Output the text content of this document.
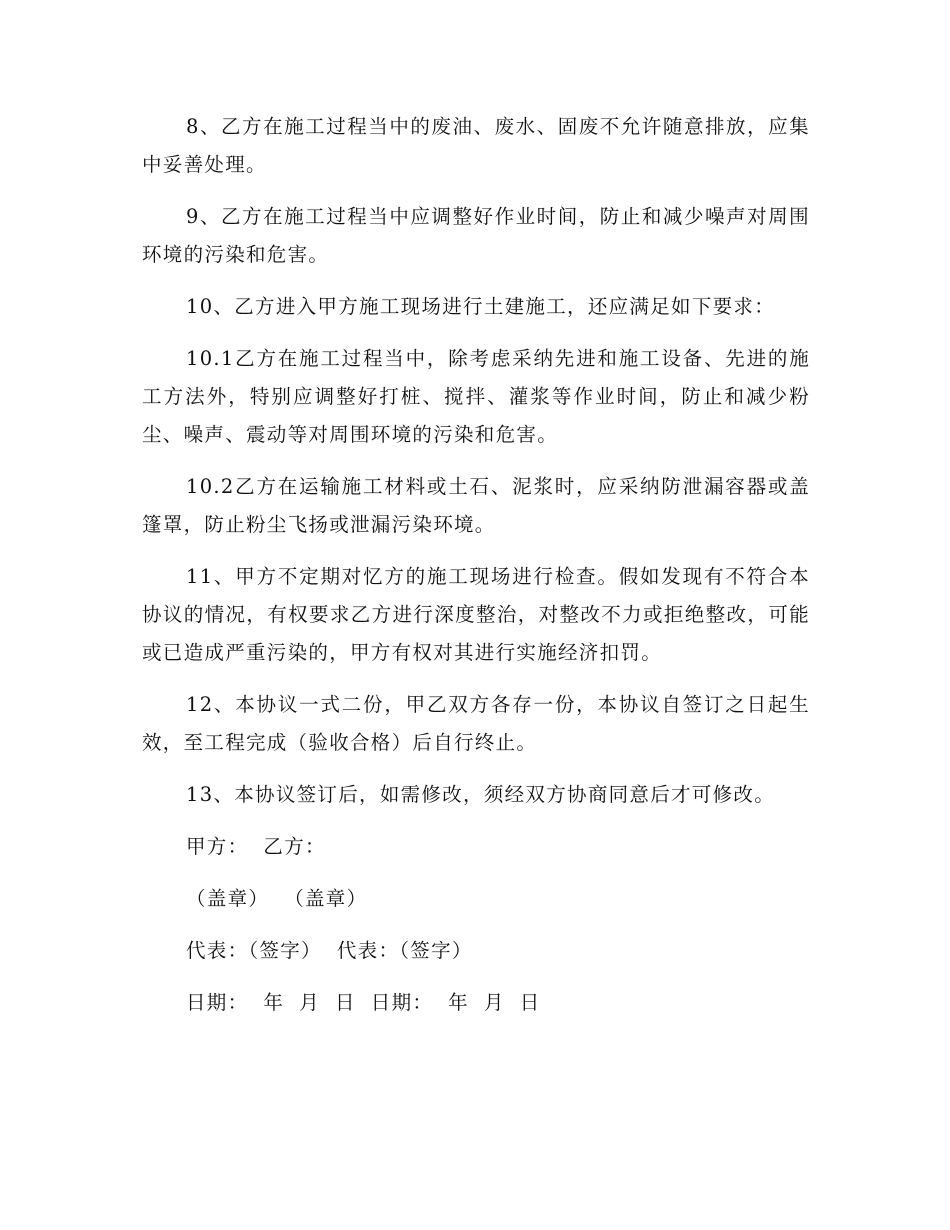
8、乙方在施工过程当中的废油、废水、固废不允许随意排放，应集中妥善处理。

9、乙方在施工过程当中应调整好作业时间，防止和减少噪声对周围环境的污染和危害。

10、乙方进入甲方施工现场进行土建施工，还应满足如下要求：

10.1乙方在施工过程当中，除考虑采纳先进和施工设备、先进的施工方法外，特别应调整好打桩、搅拌、灌浆等作业时间，防止和减少粉尘、噪声、震动等对周围环境的污染和危害。

10.2乙方在运输施工材料或土石、泥浆时，应采纳防泄漏容器或盖篷罩，防止粉尘飞扬或泄漏污染环境。

11、甲方不定期对忆方的施工现场进行检查。假如发现有不符合本协议的情况，有权要求乙方进行深度整治，对整改不力或拒绝整改，可能或已造成严重污染的，甲方有权对其进行实施经济扣罚。

12、本协议一式二份，甲乙双方各存一份，本协议自签订之日起生效，至工程完成（验收合格）后自行终止。

13、本协议签订后，如需修改，须经双方协商同意后才可修改。

甲方：  乙方：

（盖章）  （盖章）

代表：（签字）  代表：（签字）

日期：  年  月  日  日期：  年  月  日
